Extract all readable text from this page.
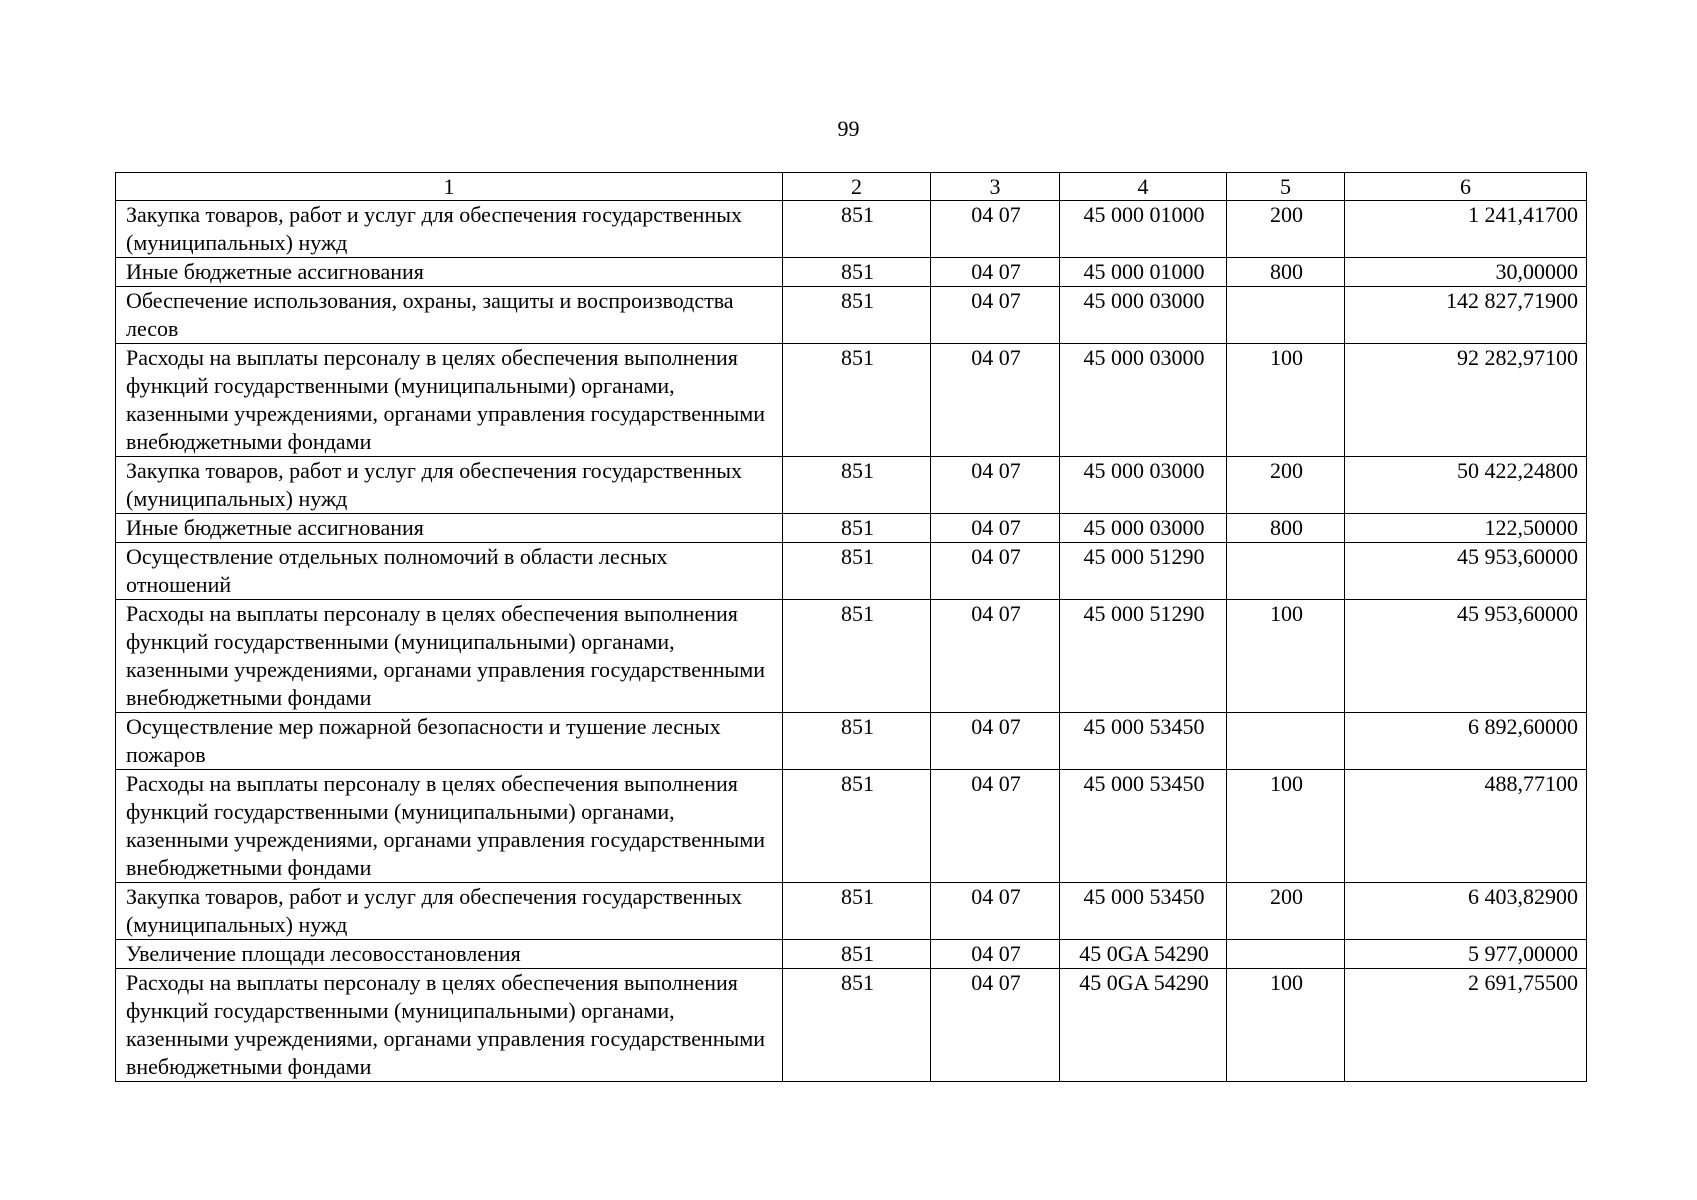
99
1	2	3	4	5	6
Закупка товаров, работ и услуг для обеспечения государственных (муниципальных) нужд	851	04 07	45 000 01000	200	1 241,41700
Иные бюджетные ассигнования	851	04 07	45 000 01000	800	30,00000
Обеспечение использования, охраны, защиты и воспроизводства лесов	851	04 07	45 000 03000		142 827,71900
Расходы на выплаты персоналу в целях обеспечения выполнения функций государственными (муниципальными) органами, казенными учреждениями, органами управления государственными внебюджетными фондами	851	04 07	45 000 03000	100	92 282,97100
Закупка товаров, работ и услуг для обеспечения государственных (муниципальных) нужд	851	04 07	45 000 03000	200	50 422,24800
Иные бюджетные ассигнования	851	04 07	45 000 03000	800	122,50000
Осуществление отдельных полномочий в области лесных отношений	851	04 07	45 000 51290		45 953,60000
Расходы на выплаты персоналу в целях обеспечения выполнения функций государственными (муниципальными) органами, казенными учреждениями, органами управления государственными внебюджетными фондами	851	04 07	45 000 51290	100	45 953,60000
Осуществление мер пожарной безопасности и тушение лесных пожаров	851	04 07	45 000 53450		6 892,60000
Расходы на выплаты персоналу в целях обеспечения выполнения функций государственными (муниципальными) органами, казенными учреждениями, органами управления государственными внебюджетными фондами	851	04 07	45 000 53450	100	488,77100
Закупка товаров, работ и услуг для обеспечения государственных (муниципальных) нужд	851	04 07	45 000 53450	200	6 403,82900
Увеличение площади лесовосстановления	851	04 07	45 0GA 54290		5 977,00000
Расходы на выплаты персоналу в целях обеспечения выполнения функций государственными (муниципальными) органами, казенными учреждениями, органами управления государственными внебюджетными фондами	851	04 07	45 0GA 54290	100	2 691,75500
